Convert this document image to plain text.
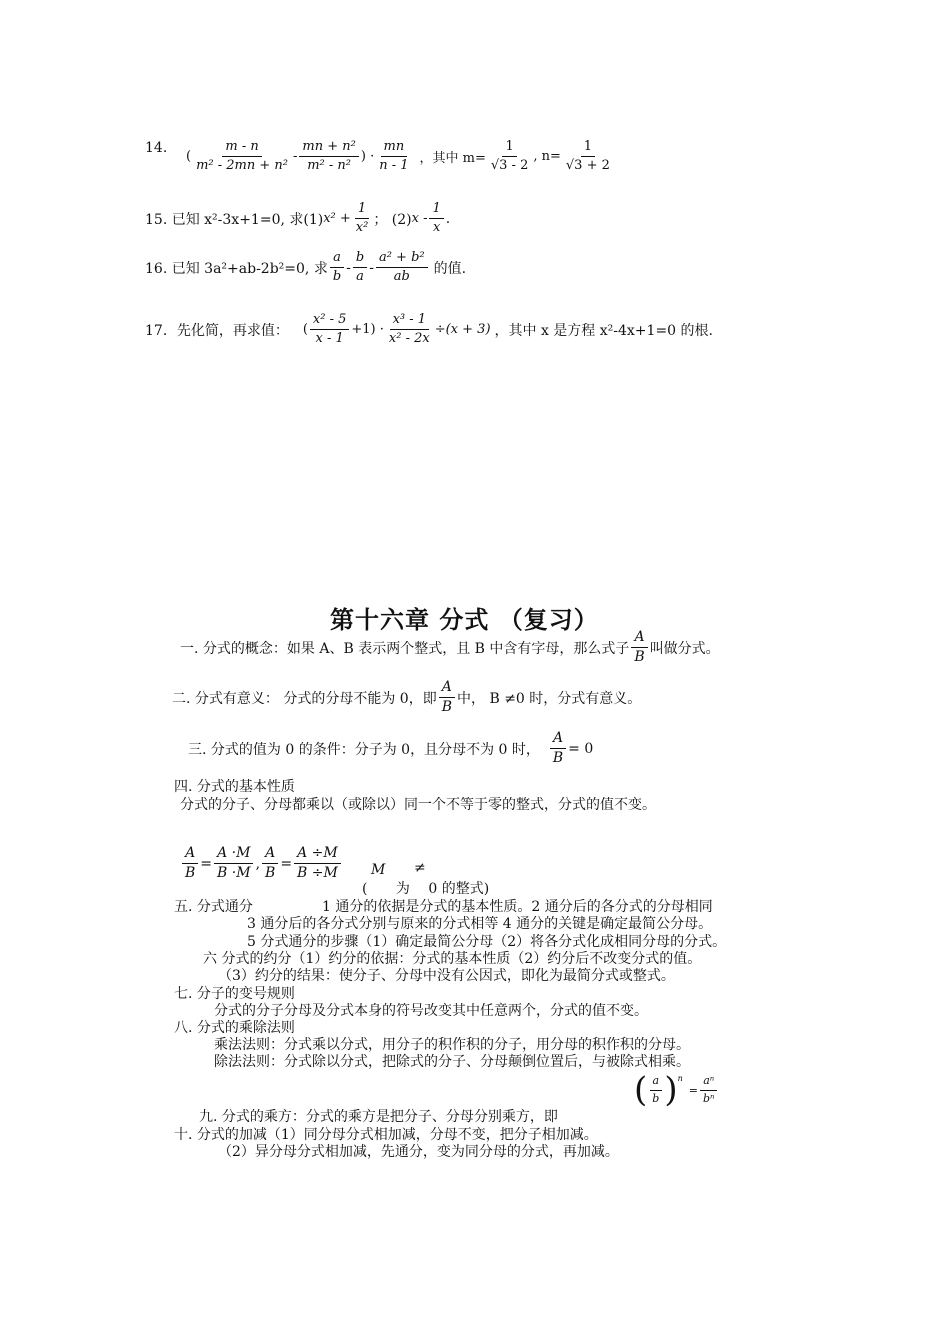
14.
( $\frac{m - n}{\text{m² - 2mn + n²}} - \frac{\text{mn + n²}}{\text{m² - n²}}$ ) · $\frac{mn}{n - 1}$ ，其中 $m= \frac{1}{√3 - 2}$ , $n= \frac{1}{√3 + 2}$
15. 已知 x²-3x+1=0, 求(1) $x^2 + \frac{1}{\text{x²}}$ ； (2) x - $\frac{1}{x}$ .
16. 已知 3a²+ab-2b²=0, 求 $\frac{a}{b} - \frac{b}{a} - \frac{\text{a² + b²}}{ab}$ 的值.
17．先化简，再求值： ( $\frac{\text{x² - 5}}{x - 1} +1) \cdot \frac{\text{x³ - 1}}{\text{x² - 2x}} \div(x + 3)$ ，其中 x 是方程 x²-4x+1=0 的根.
第十六章 分式 （复习）
一. 分式的概念：如果 A、B 表示两个整式，且 B 中含有字母，那么式子 $\frac{A}{B}$ 叫做分式。
二. 分式有意义： 分式的分母不能为 0，即 $\frac{A}{B}$ 中， B ≠0 时，分式有意义。
三. 分式的值为 0 的条件：分子为 0，且分母不为 0 时， $\frac{A}{B} = 0$
四. 分式的基本性质
分式的分子、分母都乘以（或除以）同一个不等于零的整式，分式的值不变。
$\frac{A}{B} = \frac{A \cdot M}{B \cdot M}$ , $\frac{A}{B} = \frac{A \div M}{B \div M}$ M ≠
( 为 0 的整式)
五. 分式通分	1 通分的依据是分式的基本性质。2 通分后的各分式的分母相同
3 通分后的各分式分别与原来的分式相等 4 通分的关键是确定最简公分母。
5 分式通分的步骤（1）确定最简公分母（2）将各分式化成相同分母的分式。
六 分式的约分（1）约分的依据：分式的基本性质（2）约分后不改变分式的值。
（3）约分的结果：使分子、分母中没有公因式，即化为最简分式或整式。
七. 分子的变号规则
分式的分子分母及分式本身的符号改变其中任意两个，分式的值不变。
八. 分式的乘除法则
乘法法则：分式乘以分式，用分子的积作积的分子，用分母的积作积的分母。
除法法则：分式除以分式，把除式的分子、分母颠倒位置后，与被除式相乘。
九. 分式的乘方：分式的乘方是把分子、分母分别乘方，即
( $\frac{a}{b}$ ) n
= $\frac{\text{aⁿ}}{\text{bⁿ}}$
十. 分式的加减（1）同分母分式相加减，分母不变，把分子相加减。
（2）异分母分式相加减，先通分，变为同分母的分式，再加减。
